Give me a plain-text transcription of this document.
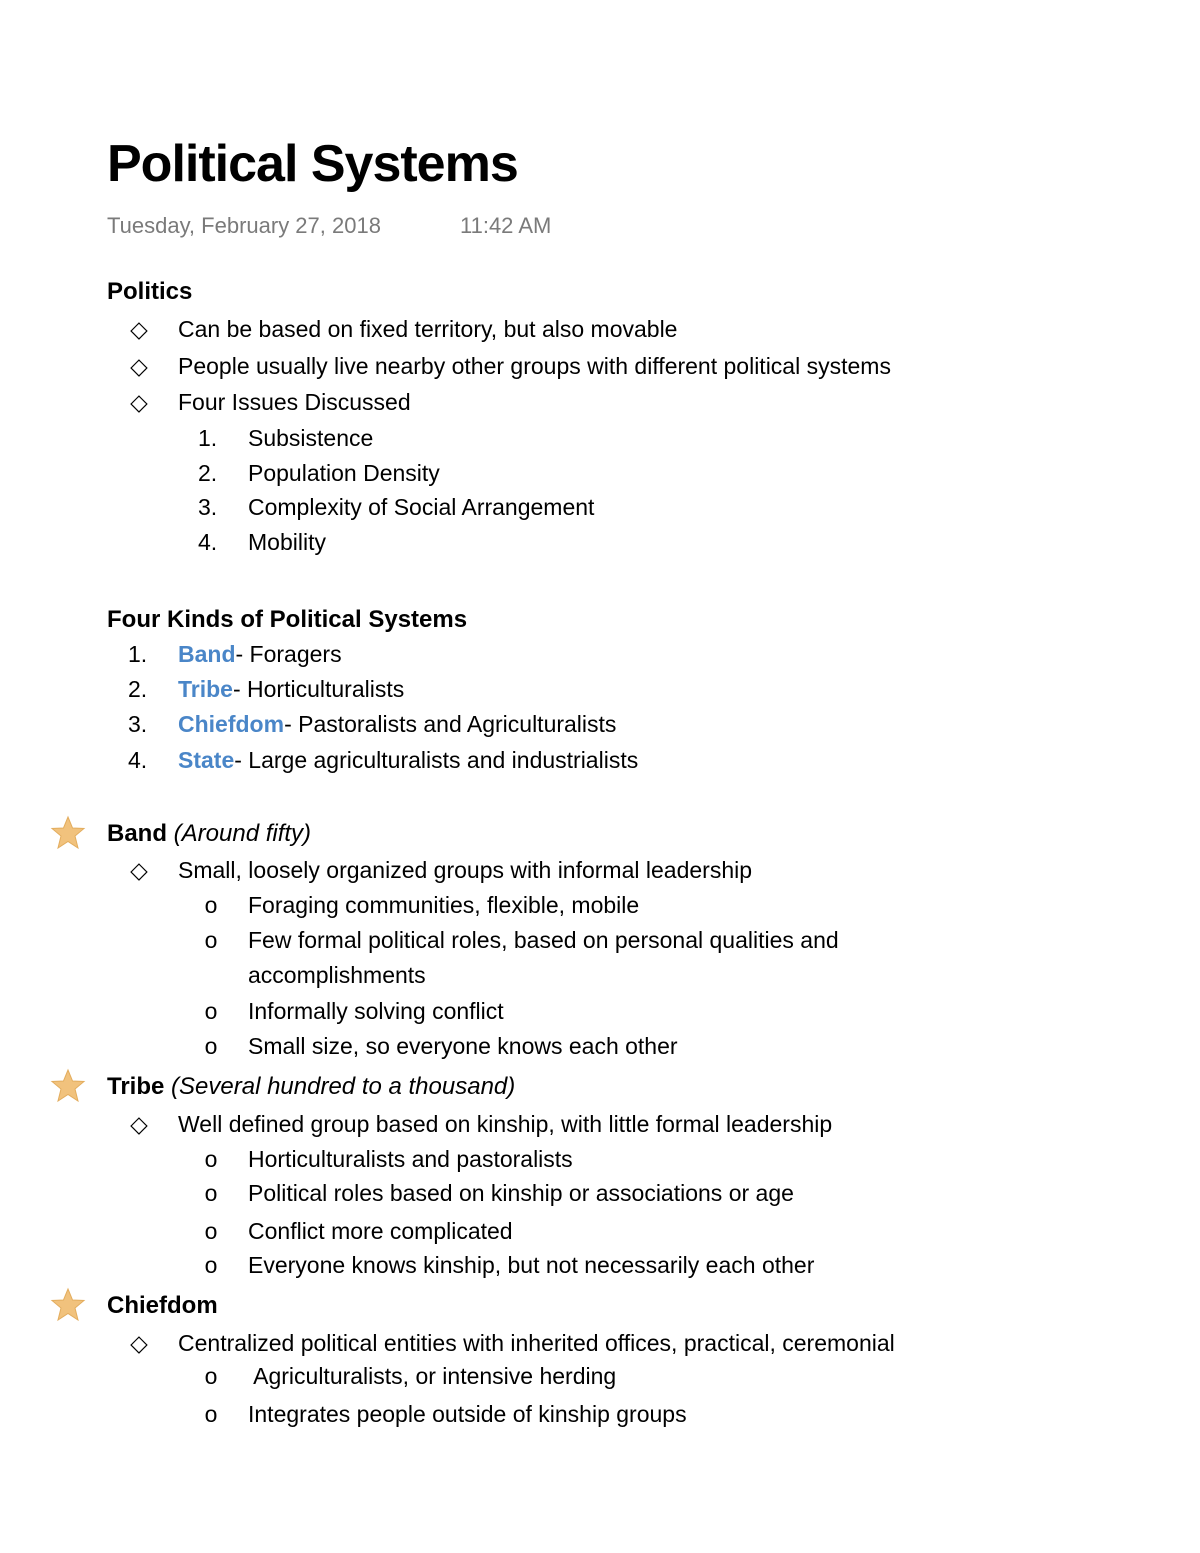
Political Systems
Tuesday, February 27, 2018	11:42 AM
Politics
◇ Can be based on fixed territory, but also movable
◇ People usually live nearby other groups with different political systems
◇ Four Issues Discussed
1. Subsistence
2. Population Density
3. Complexity of Social Arrangement
4. Mobility
Four Kinds of Political Systems
1. Band- Foragers
2. Tribe- Horticulturalists
3. Chiefdom- Pastoralists and Agriculturalists
4. State- Large agriculturalists and industrialists
Band (Around fifty)
◇ Small, loosely organized groups with informal leadership
o Foraging communities, flexible, mobile
o Few formal political roles, based on personal qualities and
accomplishments
o Informally solving conflict
o Small size, so everyone knows each other
Tribe (Several hundred to a thousand)
◇ Well defined group based on kinship, with little formal leadership
o Horticulturalists and pastoralists
o Political roles based on kinship or associations or age
o Conflict more complicated
o Everyone knows kinship, but not necessarily each other
Chiefdom
◇ Centralized political entities with inherited offices, practical, ceremonial
o Agriculturalists, or intensive herding
o Integrates people outside of kinship groups
